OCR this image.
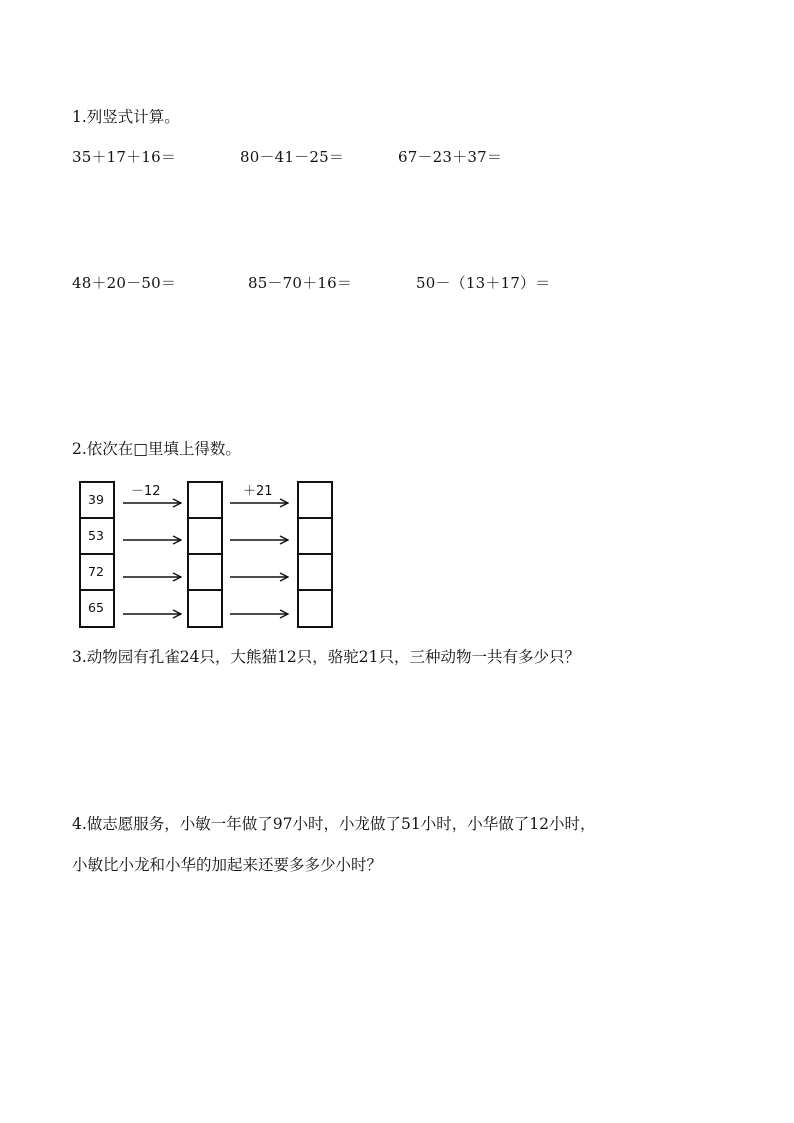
1.列竖式计算。
35＋17＋16＝	80－41－25＝	67－23＋37＝
48＋20－50＝	85－70＋16＝	50－（13＋17）＝
2.依次在□里填上得数。
－12	＋21
39
53
72
65
3.动物园有孔雀24只，大熊猫12只，骆驼21只，三种动物一共有多少只？
4.做志愿服务，小敏一年做了97小时，小龙做了51小时，小华做了12小时，
小敏比小龙和小华的加起来还要多多少小时？
